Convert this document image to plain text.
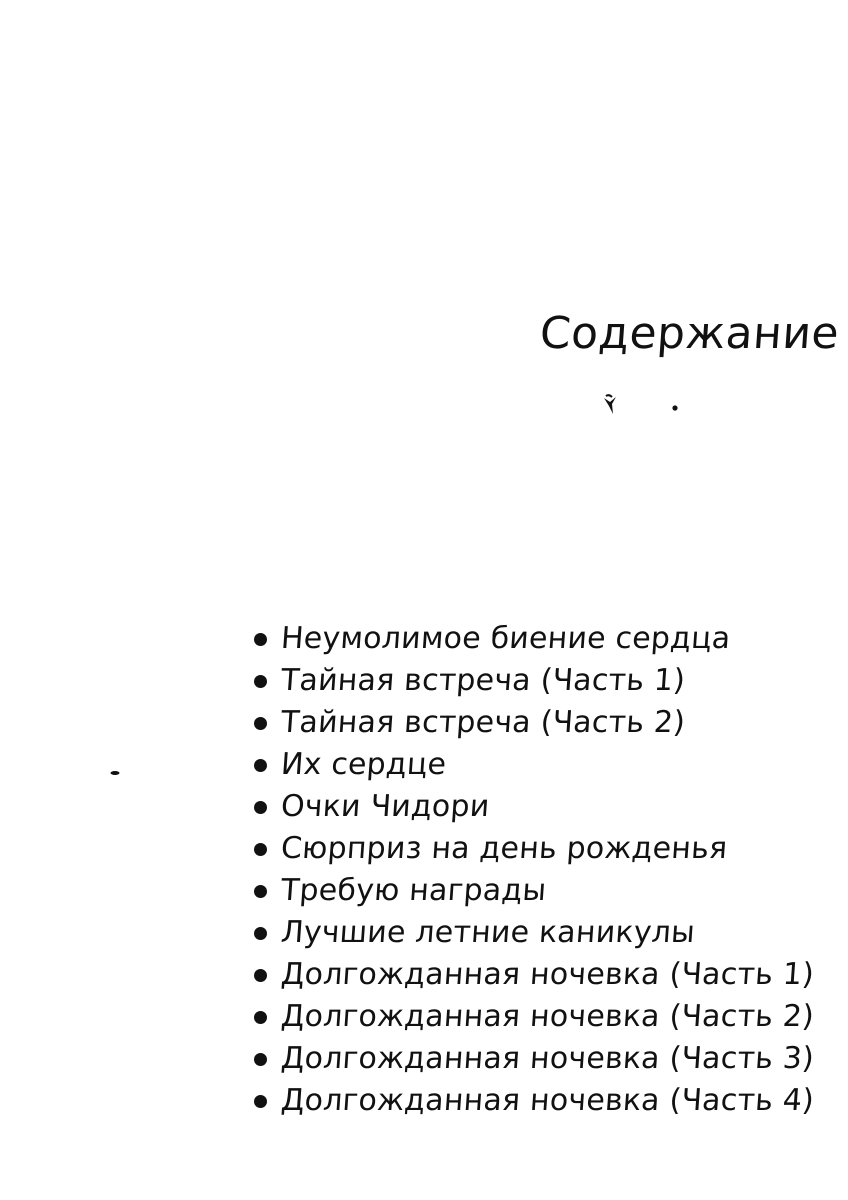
Содержание
Неумолимое биение сердца
Тайная встреча (Часть 1)
Тайная встреча (Часть 2)
Их сердце
Очки Чидори
Сюрприз на день рожденья
Требую награды
Лучшие летние каникулы
Долгожданная ночевка (Часть 1)
Долгожданная ночевка (Часть 2)
Долгожданная ночевка (Часть 3)
Долгожданная ночевка (Часть 4)
